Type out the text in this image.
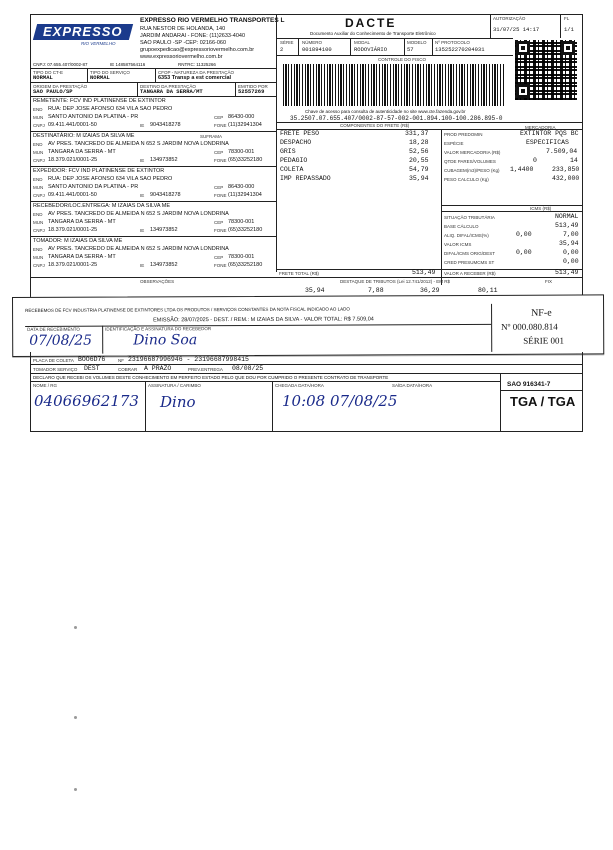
EXPRESSO
RIO VERMELHO
EXPRESSO RIO VERMELHO TRANSPORTES L
RUA NESTOR DE HOLANDA, 140
JARDIM ANDARAI - FONE: (11)2633-4040
SAO PAULO -SP -CEP: 02166-060
grupoexpedicao@expressoriovermelho.com.br
www.expressoriovermelho.com.br
CNPJ: 07.655.407/0002-87	IE 148587564116	RNTRC: 11325266
DACTE
Documento Auxiliar do Conhecimento de Transporte Eletrônico
AUTORIZAÇÃO
31/07/25 14:17
FL
1/1
SÉRIE
2
NÚMERO
001894100
MODAL
RODOVIÁRIO
MODELO
57
Nº PROTOCOLO
135252270204031
CONTROLE DO FISCO
Chave de acesso para consulta de autenticidade no site www.cte.fazenda.gov.br
35.2507.07.655.407/0002-87-57-002-001.894.100-100.286.895-0
TIPO DO CT-E
NORMAL
TIPO DO SERVIÇO
NORMAL
CFOP - NATUREZA DA PRESTAÇÃO
6353 Transp a est comercial
ORIGEM DA PRESTAÇÃO
SAO PAULO/SP
DESTINO DA PRESTAÇÃO
TANGARA DA SERRA/MT
EMITIDO POR
52557269
REMETENTE: FCV IND PLATINENSE DE EXTINTOR
END RUA: DEP JOSE AFONSO 634 VILA SAO PEDRO
MUN SANTO ANTONIO DA PLATINA - PR	CEP 86430-000
CNPJ 09.411.441/0001-50	IE 9043418278	FONE (11)32941304
DESTINATÁRIO: M IZAIAS DA SILVA ME	SUFRAMA
END AV PRES. TANCREDO DE ALMEIDA N 652 S JARDIM NOVA LONDRINA
MUN TANGARA DA SERRA - MT	CEP 78300-001
CNPJ 18.379.021/0001-25	IE 134973852	FONE (65)33252180
EXPEDIDOR: FCV IND PLATINENSE DE EXTINTOR
END RUA: DEP JOSE AFONSO 634 VILA SAO PEDRO
MUN SANTO ANTONIO DA PLATINA - PR	CEP 86430-000
CNPJ 09.411.441/0001-50	IE 9043418278	FONE (11)32941304
RECEBEDOR/LOC.ENTREGA: M IZAIAS DA SILVA ME
END AV PRES. TANCREDO DE ALMEIDA N 652 S JARDIM NOVA LONDRINA
MUN TANGARA DA SERRA - MT	CEP 78300-001
CNPJ 18.379.021/0001-25	IE 134973852	FONE (65)33252180
TOMADOR: M IZAIAS DA SILVA ME
END AV PRES. TANCREDO DE ALMEIDA N 652 S JARDIM NOVA LONDRINA
MUN TANGARA DA SERRA - MT	CEP 78300-001
CNPJ 18.379.021/0001-25	IE 134973852	FONE (65)33252180
COMPONENTES DO FRETE (R$)	MERCADORIA
FRETE PESO	331,37
DESPACHO	18,28
GRIS	52,56
PEDAGIO	20,55
COLETA	54,79
IMP REPASSADO	35,94
PROD PREDOMIN	EXTINTOR PQS BC
ESPÉCIE	ESPECIFICAS
VALOR MERCADORIA (R$)	7.509,04
QTDE PARES/VOLUMES	0	14
CUBAGEM(m3)/PESO (Kg) 1,4400	233,850
PESO CALCULO (Kg)	432,000
ICMS (R$)
SITUAÇÃO TRIBUTÁRIA	NORMAL
BASE CÁLCULO	513,49
ALIQ. DIFAL/ICMS(%)	0,00	7,00
VALOR ICMS	35,94
DIFAL/ICMS ORIG/DEST	0,00	0,00
CRED PRESUMCMS ST	0,00
FRETE TOTAL (R$)	513,49 VALOR A RECEBER (R$)	513,49
OBSERVAÇÕES	DESTAQUE DE TRIBUTOS (Lei 12.741/2012) - EM R$	FIX
35,94	7,88	36,29	80,11
RECEBEMOS DE FCV INDUSTRIA PLATINENSE DE EXTINTORES LTDA OS PRODUTOS / SERVIÇOS CONSTANTES DA NOTA FISCAL INDICADO AO LADO
EMISSÃO: 28/07/2025 - DEST. / REM.: M IZAIAS DA SILVA - VALOR TOTAL: R$ 7.509,04
DATA DE RECEBIMENTO	IDENTIFICAÇÃO E ASSINATURA DO RECEBEDOR
07/08/25	Dino Soa
NF-e
Nº 000.080.814
SÉRIE 001
PLACA DE COLETA BOO6D76	NF 23196687996946 - 23196687998415
TOMADOR SERVIÇO DEST	COBRAR A PRAZO	PREV.ENTREGA 08/08/25
DECLARO QUE RECEBI OS VOLUMES DESTE CONHECIMENTO EM PERFEITO ESTADO PELO QUE DOU POR CUMPRIDO O PRESENTE CONTRATO DE TRANSPORTE
NOME / RG	ASSINATURA / CARIMBO	CHEGADA DATA/HORA	SAÍDA DATA/HORA
04066962173 Dino	10:08 07/08/25
SAO 916341-7
TGA / TGA
